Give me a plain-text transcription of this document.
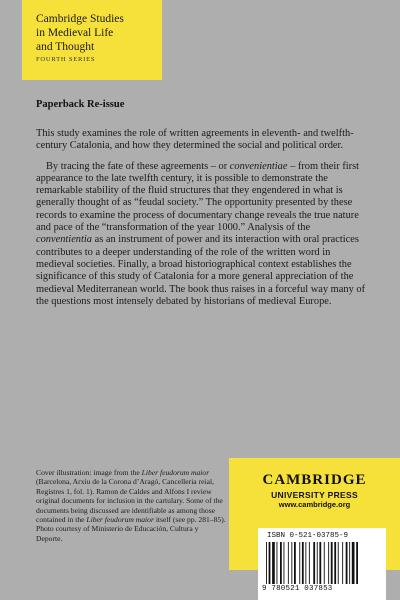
Cambridge Studies
in Medieval Life
and Thought
FOURTH SERIES
Paperback Re-issue

This study examines the role of written agreements in eleventh- and twelfth-century Catalonia, and how they determined the social and political order.

By tracing the fate of these agreements – or convenientiae – from their first appearance to the late twelfth century, it is possible to demonstrate the remarkable stability of the fluid structures that they engendered in what is generally thought of as “feudal society.” The opportunity presented by these records to examine the process of documentary change reveals the true nature and pace of the “transformation of the year 1000.” Analysis of the conventientia as an instrument of power and its interaction with oral practices contributes to a deeper understanding of the role of the written word in medieval societies. Finally, a broad historiographical context establishes the significance of this study of Catalonia for a more general appreciation of the medieval Mediterranean world. The book thus raises in a forceful way many of the questions most intensely debated by historians of medieval Europe.

Cover illustration: image from the Liber feudorum maior (Barcelona, Arxiu de la Corona d’Aragó, Cancelleria reial, Registres 1, fol. 1). Ramon de Caldes and Alfons I review original documents for inclusion in the cartulary. Some of the documents being discussed are identifiable as among those contained in the Liber feudorum maior itself (see pp. 281–85). Photo courtesy of Ministerio de Educación, Cultura y Deporte.
CAMBRIDGE
UNIVERSITY PRESS
www.cambridge.org
ISBN 0-521-03785-9
9 780521 037853
